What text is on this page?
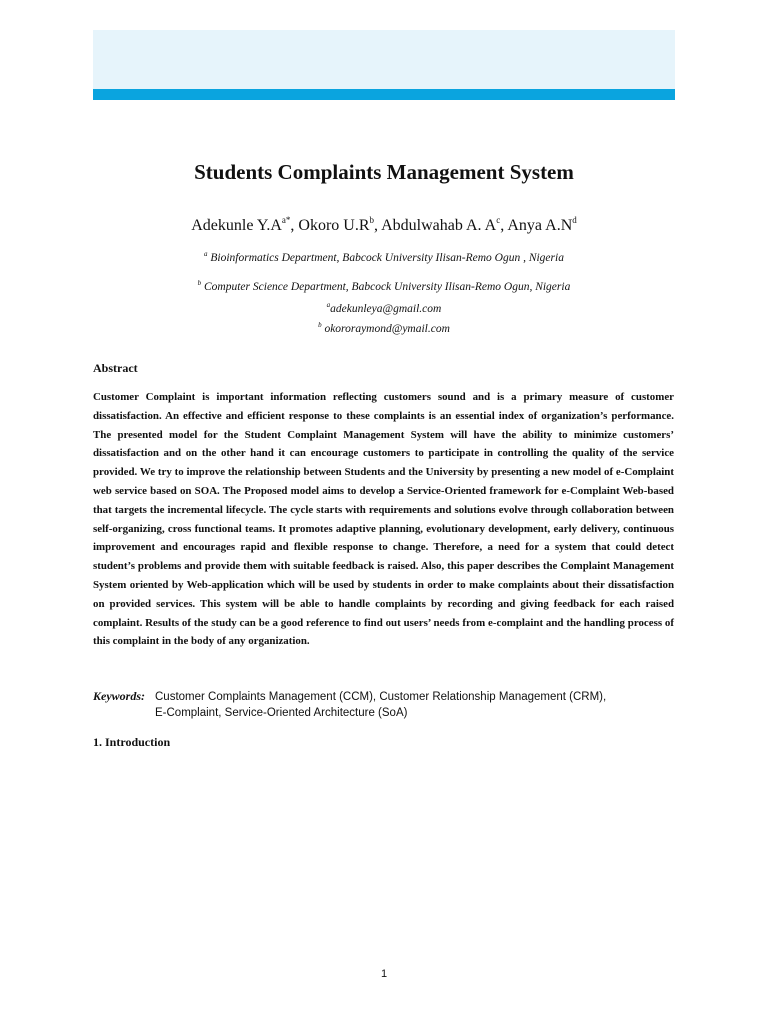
Students Complaints Management System

Adekunle $Y.A^{a*}$, Okoro $U.R^b$, Abdulwahab A. $A^c$, Anya $A.N^d$

$^a$ Bioinformatics Department, Babcock University Ilisan-Remo Ogun , Nigeria

$^b$ Computer Science Department, Babcock University Ilisan-Remo Ogun, Nigeria

$^a$adekunleya@gmail.com

$^b$ okororaymond@ymail.com

Abstract

Customer Complaint is important information reflecting customers sound and is a primary measure of customer dissatisfaction. An effective and efficient response to these complaints is an essential index of organization’s performance. The presented model for the Student Complaint Management System will have the ability to minimize customers’ dissatisfaction and on the other hand it can encourage customers to participate in controlling the quality of the service provided. We try to improve the relationship between Students and the University by presenting a new model of e-Complaint web service based on SOA. The Proposed model aims to develop a Service-Oriented framework for e-Complaint Web-based that targets the incremental lifecycle. The cycle starts with requirements and solutions evolve through collaboration between self-organizing, cross functional teams. It promotes adaptive planning, evolutionary development, early delivery, continuous improvement and encourages rapid and flexible response to change. Therefore, a need for a system that could detect student’s problems and provide them with suitable feedback is raised. Also, this paper describes the Complaint Management System oriented by Web-application which will be used by students in order to make complaints about their dissatisfaction on provided services. This system will be able to handle complaints by recording and giving feedback for each raised complaint. Results of the study can be a good reference to find out users’ needs from e-complaint and the handling process of this complaint in the body of any organization.

Keywords: Customer Complaints Management (CCM), Customer Relationship Management (CRM),
E-Complaint, Service-Oriented Architecture (SoA)
1. Introduction

1
